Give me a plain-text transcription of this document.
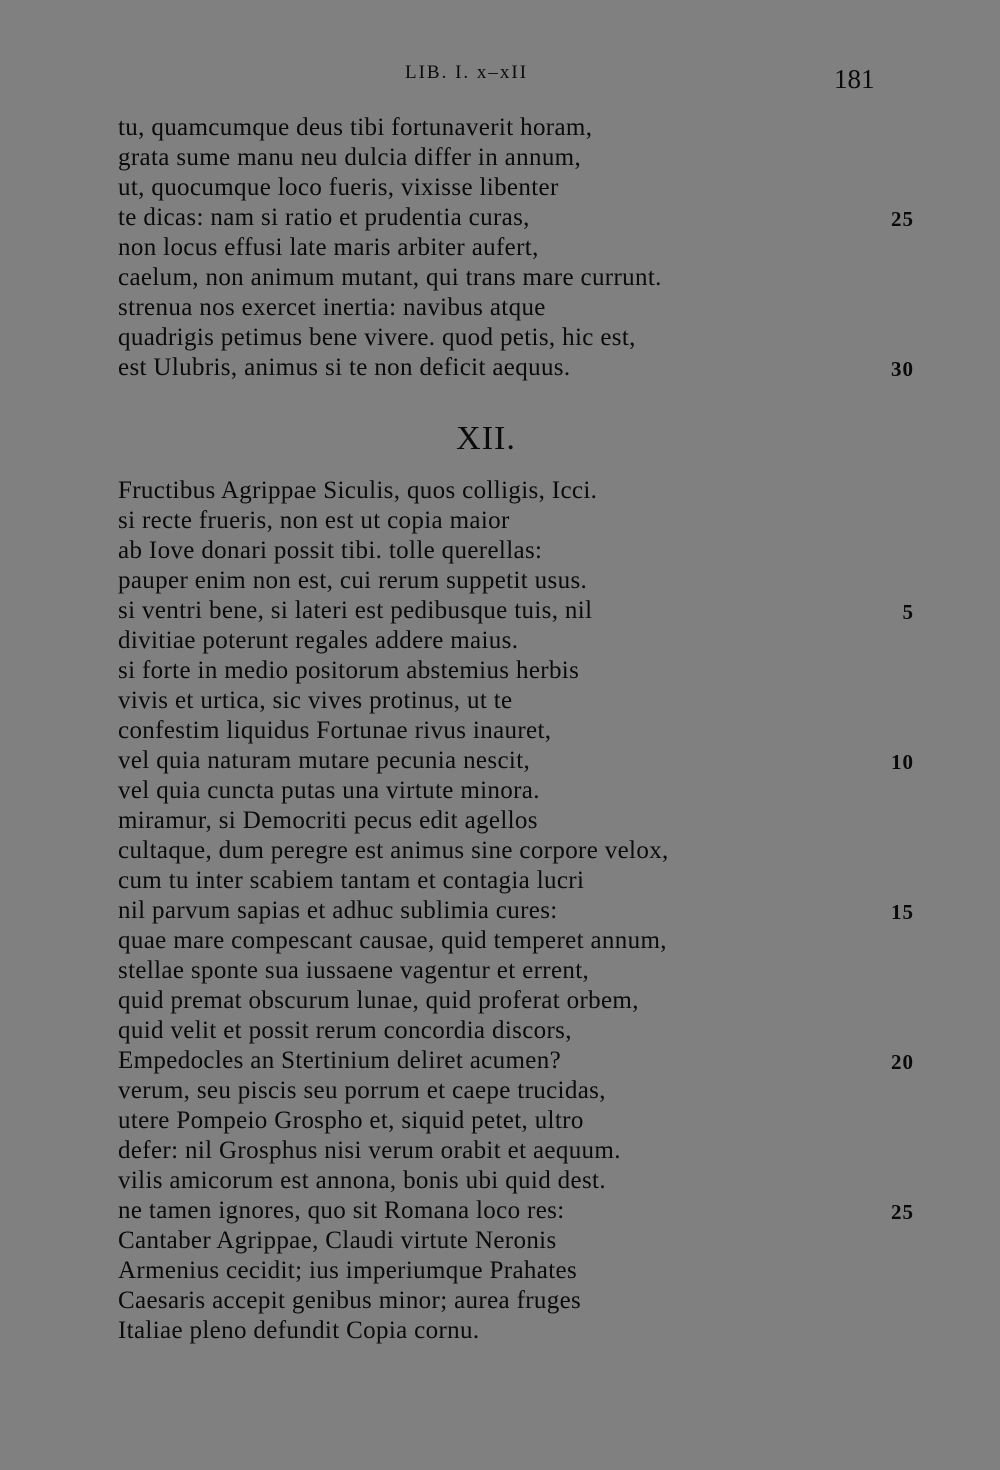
LIB. I. x–xII	181
tu, quamcumque deus tibi fortunaverit horam,
grata sume manu neu dulcia differ in annum,
ut, quocumque loco fueris, vixisse libenter
te dicas: nam si ratio et prudentia curas,	25
non locus effusi late maris arbiter aufert,
caelum, non animum mutant, qui trans mare currunt.
strenua nos exercet inertia: navibus atque
quadrigis petimus bene vivere. quod petis, hic est,
est Ulubris, animus si te non deficit aequus.	30
XII.
Fructibus Agrippae Siculis, quos colligis, Icci.
si recte frueris, non est ut copia maior
ab Iove donari possit tibi. tolle querellas:
pauper enim non est, cui rerum suppetit usus.
si ventri bene, si lateri est pedibusque tuis, nil	5
divitiae poterunt regales addere maius.
si forte in medio positorum abstemius herbis
vivis et urtica, sic vives protinus, ut te
confestim liquidus Fortunae rivus inauret,
vel quia naturam mutare pecunia nescit,	10
vel quia cuncta putas una virtute minora.
miramur, si Democriti pecus edit agellos
cultaque, dum peregre est animus sine corpore velox,
cum tu inter scabiem tantam et contagia lucri
nil parvum sapias et adhuc sublimia cures:	15
quae mare compescant causae, quid temperet annum,
stellae sponte sua iussaene vagentur et errent,
quid premat obscurum lunae, quid proferat orbem,
quid velit et possit rerum concordia discors,
Empedocles an Stertinium deliret acumen?	20
verum, seu piscis seu porrum et caepe trucidas,
utere Pompeio Grospho et, siquid petet, ultro
defer: nil Grosphus nisi verum orabit et aequum.
vilis amicorum est annona, bonis ubi quid dest.
ne tamen ignores, quo sit Romana loco res:	25
Cantaber Agrippae, Claudi virtute Neronis
Armenius cecidit; ius imperiumque Prahates
Caesaris accepit genibus minor; aurea fruges
Italiae pleno defundit Copia cornu.
